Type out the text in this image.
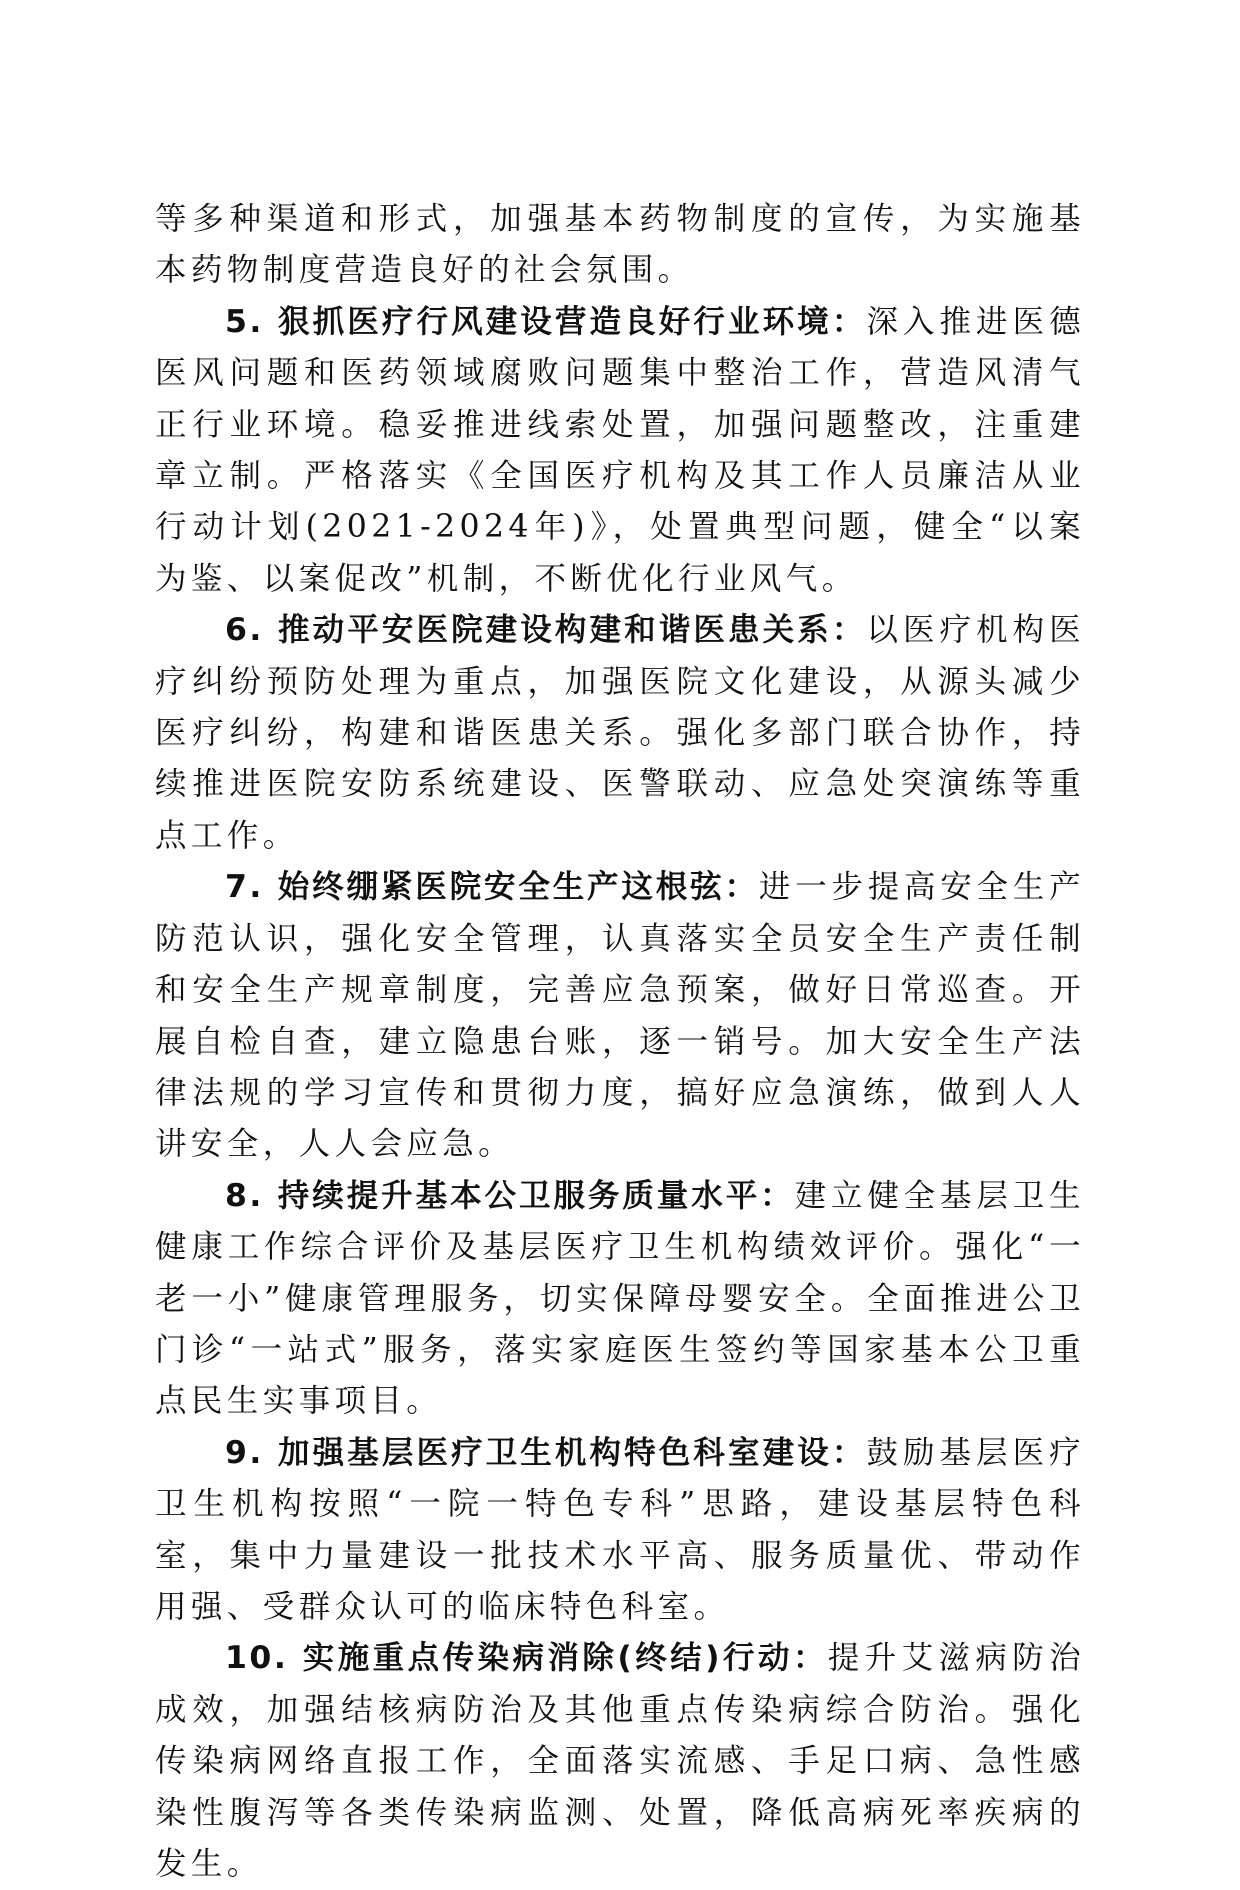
等多种渠道和形式，加强基本药物制度的宣传，为实施基本药物制度营造良好的社会氛围。

5. 狠抓医疗行风建设营造良好行业环境：深入推进医德医风问题和医药领域腐败问题集中整治工作，营造风清气正行业环境。稳妥推进线索处置，加强问题整改，注重建章立制。严格落实《全国医疗机构及其工作人员廉洁从业行动计划(2021-2024年)》，处置典型问题，健全“以案为鉴、以案促改”机制，不断优化行业风气。

6. 推动平安医院建设构建和谐医患关系：以医疗机构医疗纠纷预防处理为重点，加强医院文化建设，从源头减少医疗纠纷，构建和谐医患关系。强化多部门联合协作，持续推进医院安防系统建设、医警联动、应急处突演练等重点工作。

7. 始终绷紧医院安全生产这根弦：进一步提高安全生产防范认识，强化安全管理，认真落实全员安全生产责任制和安全生产规章制度，完善应急预案，做好日常巡查。开展自检自查，建立隐患台账，逐一销号。加大安全生产法律法规的学习宣传和贯彻力度，搞好应急演练，做到人人讲安全，人人会应急。

8. 持续提升基本公卫服务质量水平：建立健全基层卫生健康工作综合评价及基层医疗卫生机构绩效评价。强化“一老一小”健康管理服务，切实保障母婴安全。全面推进公卫门诊“一站式”服务，落实家庭医生签约等国家基本公卫重点民生实事项目。

9. 加强基层医疗卫生机构特色科室建设：鼓励基层医疗卫生机构按照“一院一特色专科”思路，建设基层特色科室，集中力量建设一批技术水平高、服务质量优、带动作用强、受群众认可的临床特色科室。

10. 实施重点传染病消除(终结)行动：提升艾滋病防治成效，加强结核病防治及其他重点传染病综合防治。强化传染病网络直报工作，全面落实流感、手足口病、急性感染性腹泻等各类传染病监测、处置，降低高病死率疾病的发生。
